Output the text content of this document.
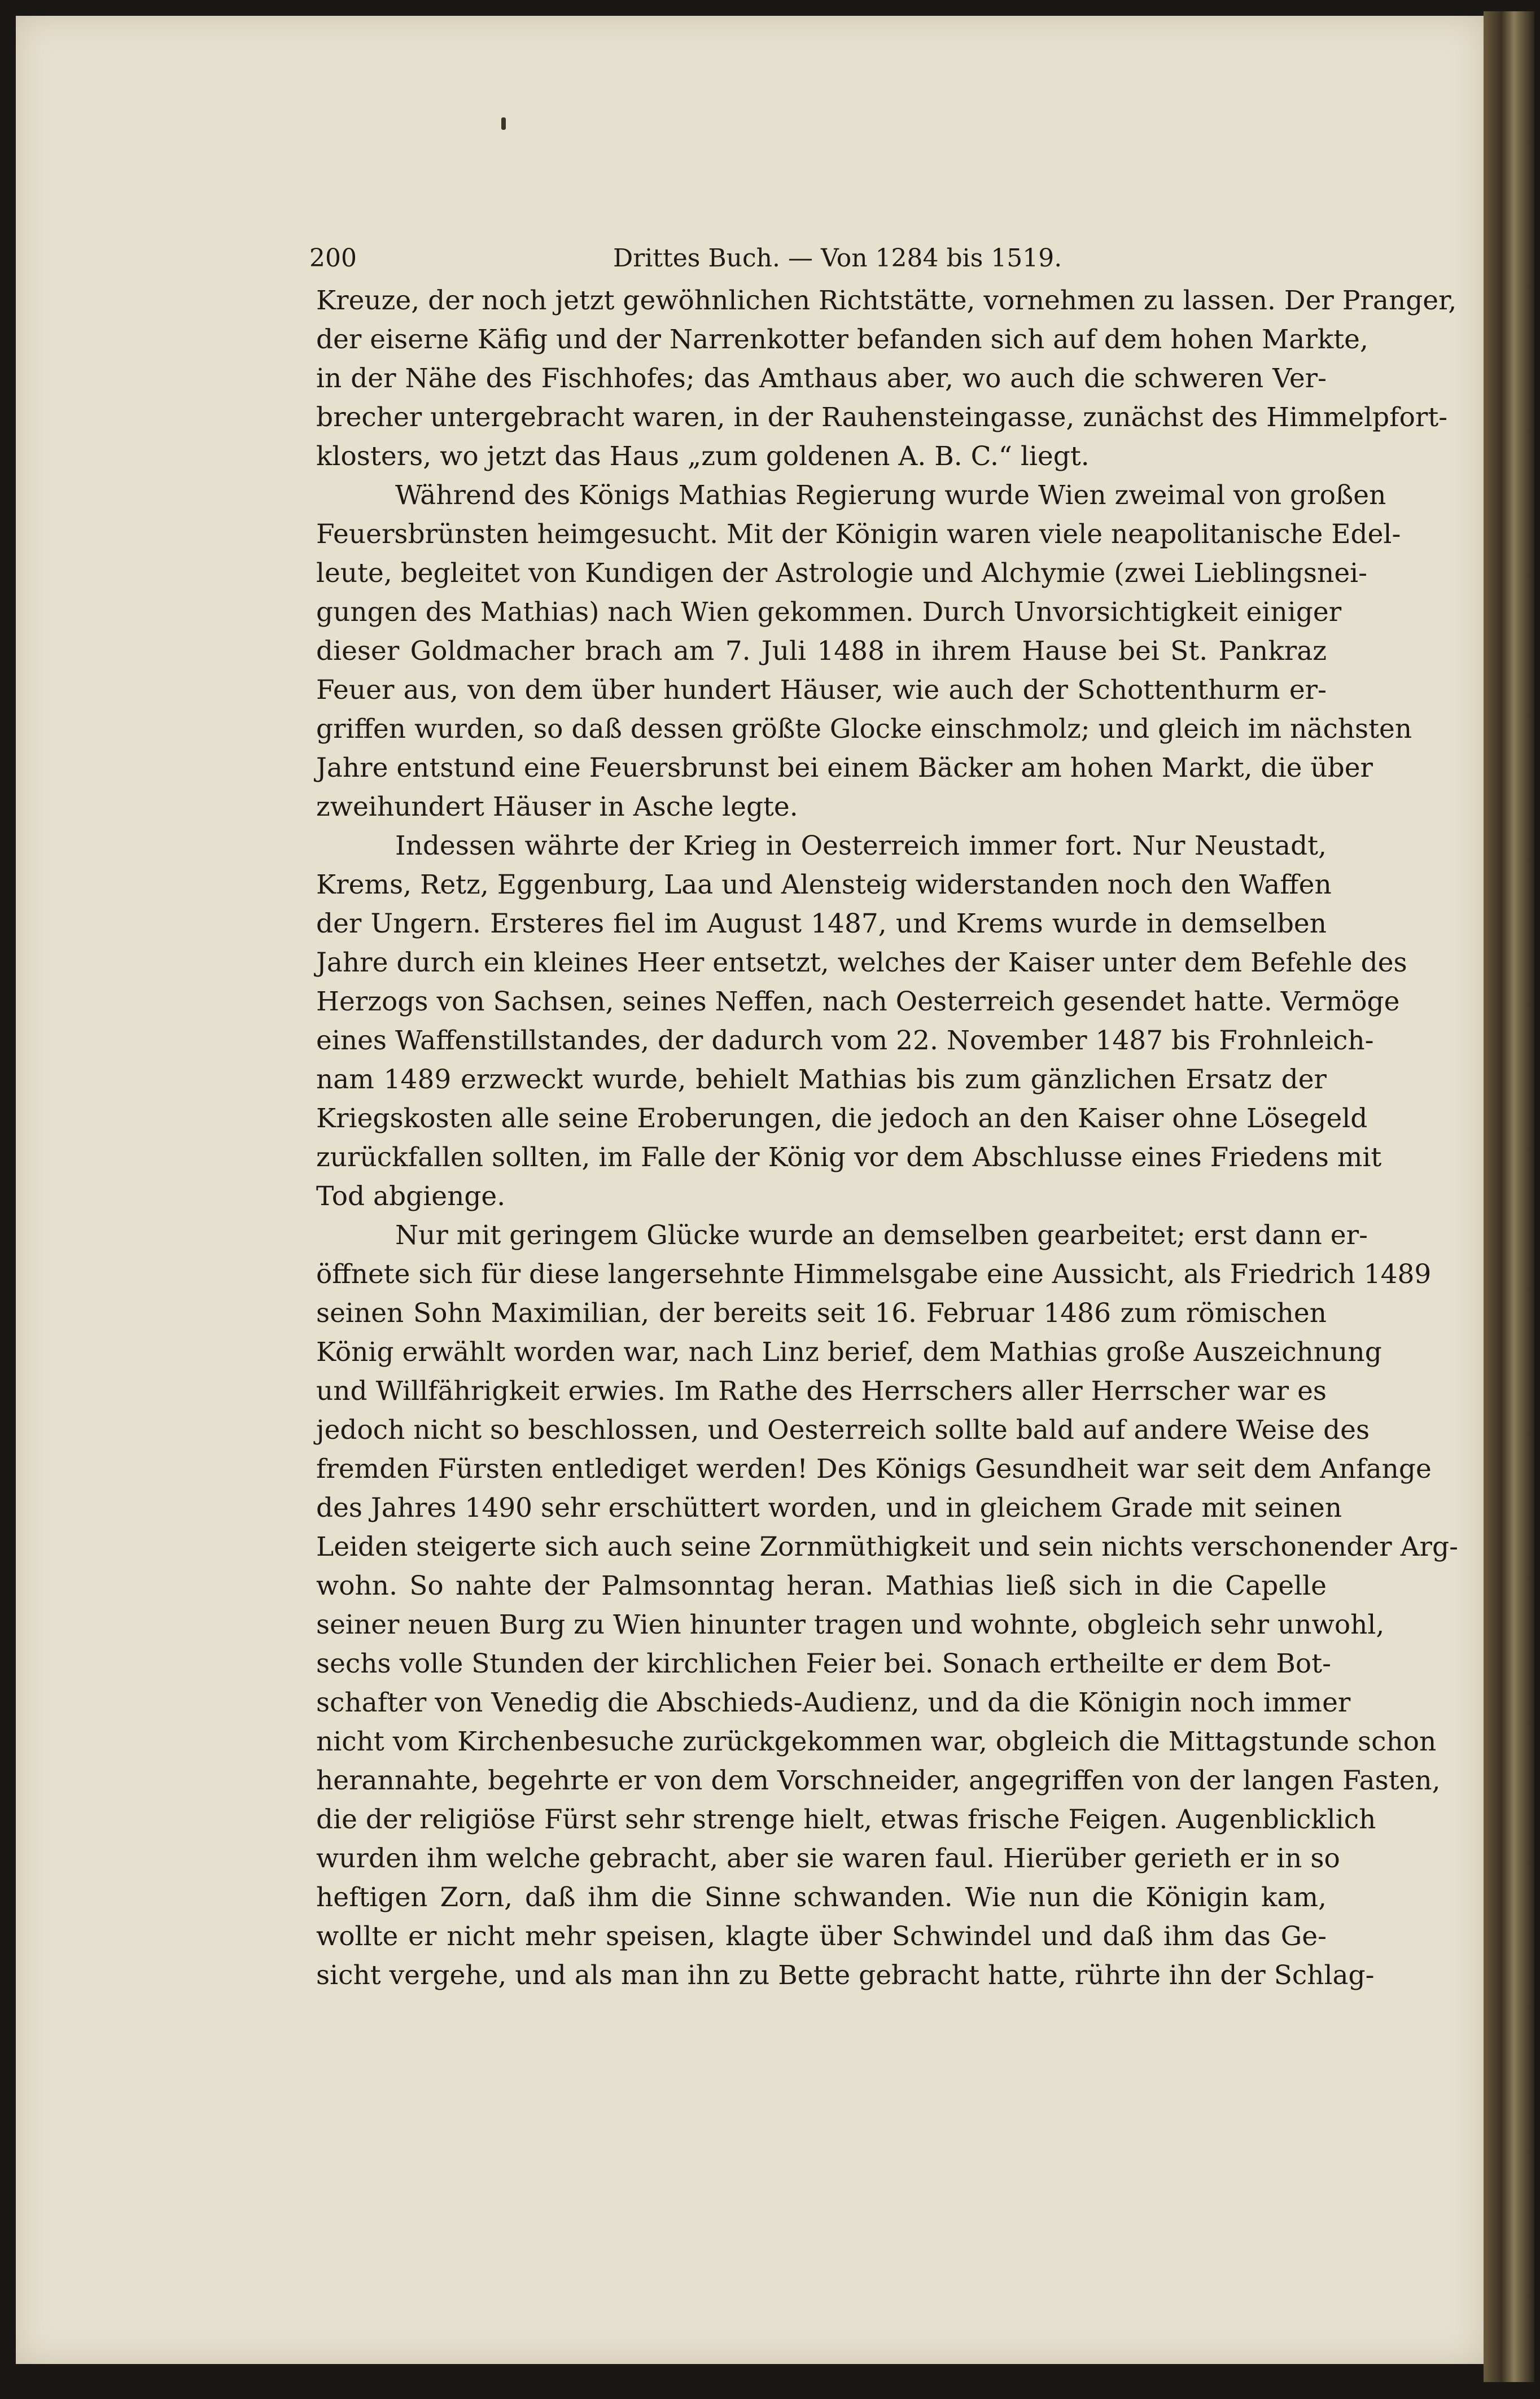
200	Drittes Buch. — Von 1284 bis 1519.
Kreuze, der noch jetzt gewöhnlichen Richtstätte, vornehmen zu lassen. Der Pranger,
der eiserne Käfig und der Narrenkotter befanden sich auf dem hohen Markte,
in der Nähe des Fischhofes; das Amthaus aber, wo auch die schweren Ver-
brecher untergebracht waren, in der Rauhensteingasse, zunächst des Himmelpfort-
klosters, wo jetzt das Haus „zum goldenen A. B. C.“ liegt.
Während des Königs Mathias Regierung wurde Wien zweimal von großen
Feuersbrünsten heimgesucht. Mit der Königin waren viele neapolitanische Edel-
leute, begleitet von Kundigen der Astrologie und Alchymie (zwei Lieblingsnei-
gungen des Mathias) nach Wien gekommen. Durch Unvorsichtigkeit einiger
dieser Goldmacher brach am 7. Juli 1488 in ihrem Hause bei St. Pankraz
Feuer aus, von dem über hundert Häuser, wie auch der Schottenthurm er-
griffen wurden, so daß dessen größte Glocke einschmolz; und gleich im nächsten
Jahre entstund eine Feuersbrunst bei einem Bäcker am hohen Markt, die über
zweihundert Häuser in Asche legte.
Indessen währte der Krieg in Oesterreich immer fort. Nur Neustadt,
Krems, Retz, Eggenburg, Laa und Alensteig widerstanden noch den Waffen
der Ungern. Ersteres fiel im August 1487, und Krems wurde in demselben
Jahre durch ein kleines Heer entsetzt, welches der Kaiser unter dem Befehle des
Herzogs von Sachsen, seines Neffen, nach Oesterreich gesendet hatte. Vermöge
eines Waffenstillstandes, der dadurch vom 22. November 1487 bis Frohnleich-
nam 1489 erzweckt wurde, behielt Mathias bis zum gänzlichen Ersatz der
Kriegskosten alle seine Eroberungen, die jedoch an den Kaiser ohne Lösegeld
zurückfallen sollten, im Falle der König vor dem Abschlusse eines Friedens mit
Tod abgienge.
Nur mit geringem Glücke wurde an demselben gearbeitet; erst dann er-
öffnete sich für diese langersehnte Himmelsgabe eine Aussicht, als Friedrich 1489
seinen Sohn Maximilian, der bereits seit 16. Februar 1486 zum römischen
König erwählt worden war, nach Linz berief, dem Mathias große Auszeichnung
und Willfährigkeit erwies. Im Rathe des Herrschers aller Herrscher war es
jedoch nicht so beschlossen, und Oesterreich sollte bald auf andere Weise des
fremden Fürsten entlediget werden! Des Königs Gesundheit war seit dem Anfange
des Jahres 1490 sehr erschüttert worden, und in gleichem Grade mit seinen
Leiden steigerte sich auch seine Zornmüthigkeit und sein nichts verschonender Arg-
wohn. So nahte der Palmsonntag heran. Mathias ließ sich in die Capelle
seiner neuen Burg zu Wien hinunter tragen und wohnte, obgleich sehr unwohl,
sechs volle Stunden der kirchlichen Feier bei. Sonach ertheilte er dem Bot-
schafter von Venedig die Abschieds-Audienz, und da die Königin noch immer
nicht vom Kirchenbesuche zurückgekommen war, obgleich die Mittagstunde schon
herannahte, begehrte er von dem Vorschneider, angegriffen von der langen Fasten,
die der religiöse Fürst sehr strenge hielt, etwas frische Feigen. Augenblicklich
wurden ihm welche gebracht, aber sie waren faul. Hierüber gerieth er in so
heftigen Zorn, daß ihm die Sinne schwanden. Wie nun die Königin kam,
wollte er nicht mehr speisen, klagte über Schwindel und daß ihm das Ge-
sicht vergehe, und als man ihn zu Bette gebracht hatte, rührte ihn der Schlag-
